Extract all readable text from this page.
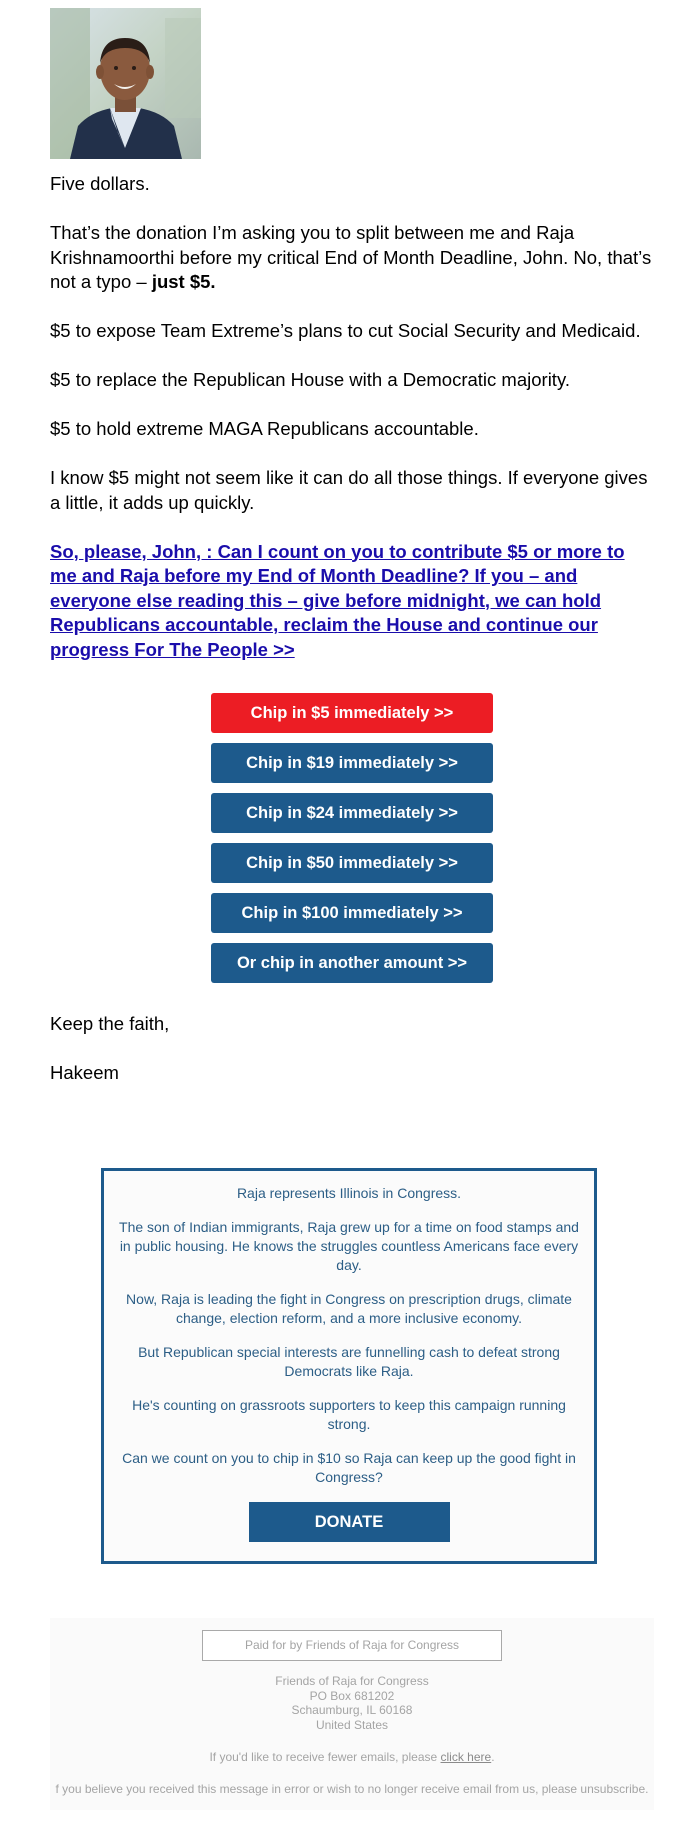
Five dollars.

That’s the donation I’m asking you to split between me and Raja Krishnamoorthi before my critical End of Month Deadline, John. No, that’s not a typo – just $5.

$5 to expose Team Extreme’s plans to cut Social Security and Medicaid.

$5 to replace the Republican House with a Democratic majority.

$5 to hold extreme MAGA Republicans accountable.

I know $5 might not seem like it can do all those things. If everyone gives a little, it adds up quickly.

So, please, John, : Can I count on you to contribute $5 or more to me and Raja before my End of Month Deadline? If you – and everyone else reading this – give before midnight, we can hold Republicans accountable, reclaim the House and continue our progress For The People >>

Chip in $5 immediately >>
Chip in $19 immediately >>
Chip in $24 immediately >>
Chip in $50 immediately >>
Chip in $100 immediately >>
Or chip in another amount >>

Keep the faith,

Hakeem

Raja represents Illinois in Congress.

The son of Indian immigrants, Raja grew up for a time on food stamps and in public housing. He knows the struggles countless Americans face every day.

Now, Raja is leading the fight in Congress on prescription drugs, climate change, election reform, and a more inclusive economy.

But Republican special interests are funnelling cash to defeat strong Democrats like Raja.

He's counting on grassroots supporters to keep this campaign running strong.

Can we count on you to chip in $10 so Raja can keep up the good fight in Congress?

DONATE
Paid for by Friends of Raja for Congress
Friends of Raja for Congress
PO Box 681202
Schaumburg, IL 60168
United States
If you'd like to receive fewer emails, please click here.
f you believe you received this message in error or wish to no longer receive email from us, please unsubscribe.
